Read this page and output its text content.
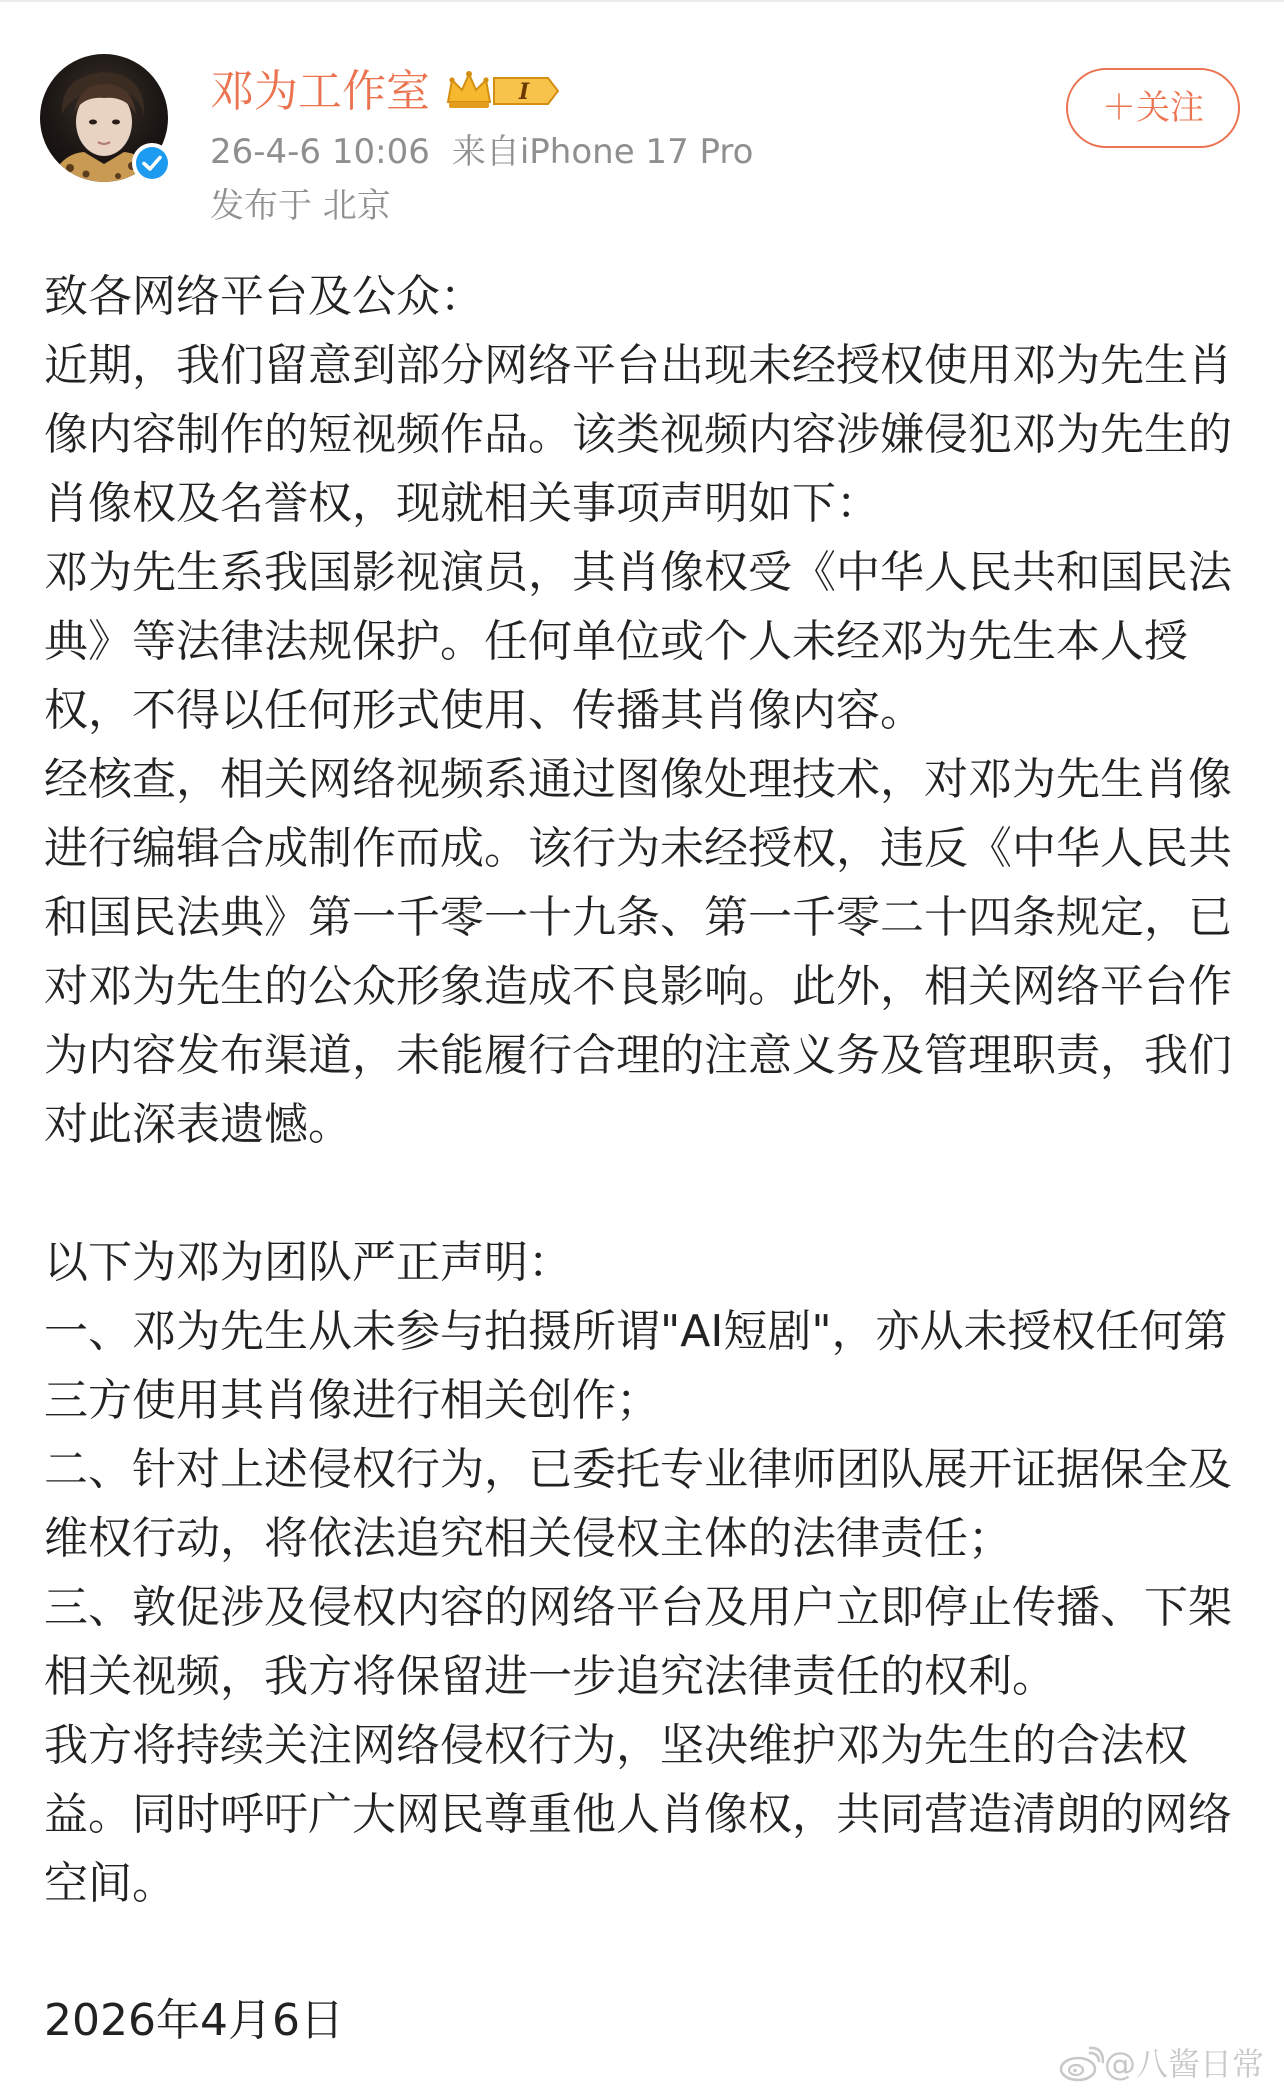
邓为工作室	I
26-4-6 10:06 来自iPhone 17 Pro
发布于 北京
＋关注
致各网络平台及公众：
近期，我们留意到部分网络平台出现未经授权使用邓为先生肖像内容制作的短视频作品。该类视频内容涉嫌侵犯邓为先生的肖像权及名誉权，现就相关事项声明如下：
邓为先生系我国影视演员，其肖像权受《中华人民共和国民法典》等法律法规保护。任何单位或个人未经邓为先生本人授权，不得以任何形式使用、传播其肖像内容。
经核查，相关网络视频系通过图像处理技术，对邓为先生肖像进行编辑合成制作而成。该行为未经授权，违反《中华人民共和国民法典》第一千零一十九条、第一千零二十四条规定，已对邓为先生的公众形象造成不良影响。此外，相关网络平台作为内容发布渠道，未能履行合理的注意义务及管理职责，我们对此深表遗憾。
以下为邓为团队严正声明：
一、邓为先生从未参与拍摄所谓"AI短剧"，亦从未授权任何第三方使用其肖像进行相关创作；
二、针对上述侵权行为，已委托专业律师团队展开证据保全及维权行动，将依法追究相关侵权主体的法律责任；
三、敦促涉及侵权内容的网络平台及用户立即停止传播、下架相关视频，我方将保留进一步追究法律责任的权利。
我方将持续关注网络侵权行为，坚决维护邓为先生的合法权益。同时呼吁广大网民尊重他人肖像权，共同营造清朗的网络空间。
2026年4月6日
@八酱日常
